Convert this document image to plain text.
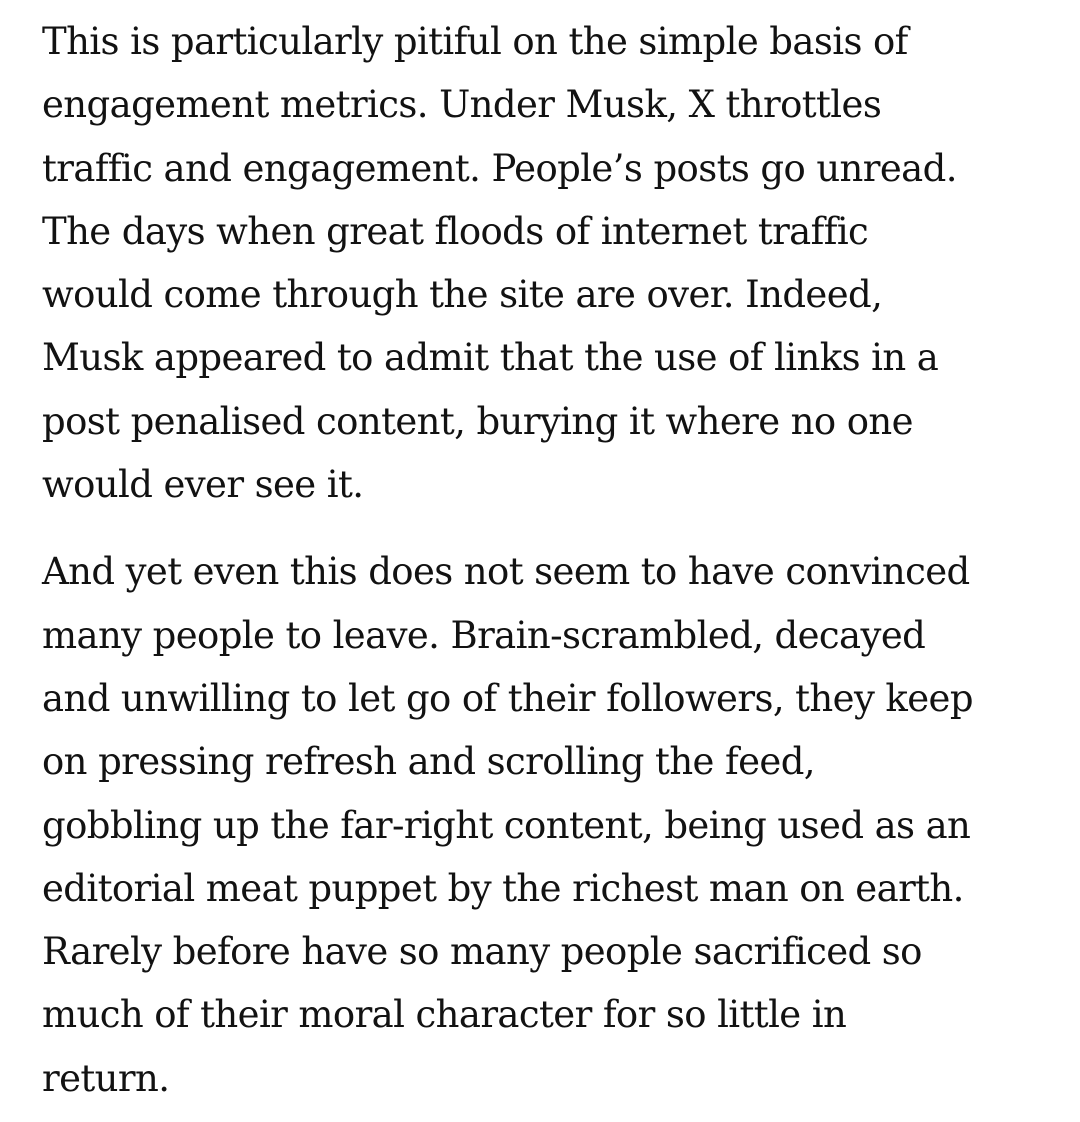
This is particularly pitiful on the simple basis of
engagement metrics. Under Musk, X throttles
traffic and engagement. People’s posts go unread.
The days when great floods of internet traffic
would come through the site are over. Indeed,
Musk appeared to admit that the use of links in a
post penalised content, burying it where no one
would ever see it.

And yet even this does not seem to have convinced
many people to leave. Brain-scrambled, decayed
and unwilling to let go of their followers, they keep
on pressing refresh and scrolling the feed,
gobbling up the far-right content, being used as an
editorial meat puppet by the richest man on earth.
Rarely before have so many people sacrificed so
much of their moral character for so little in
return.
